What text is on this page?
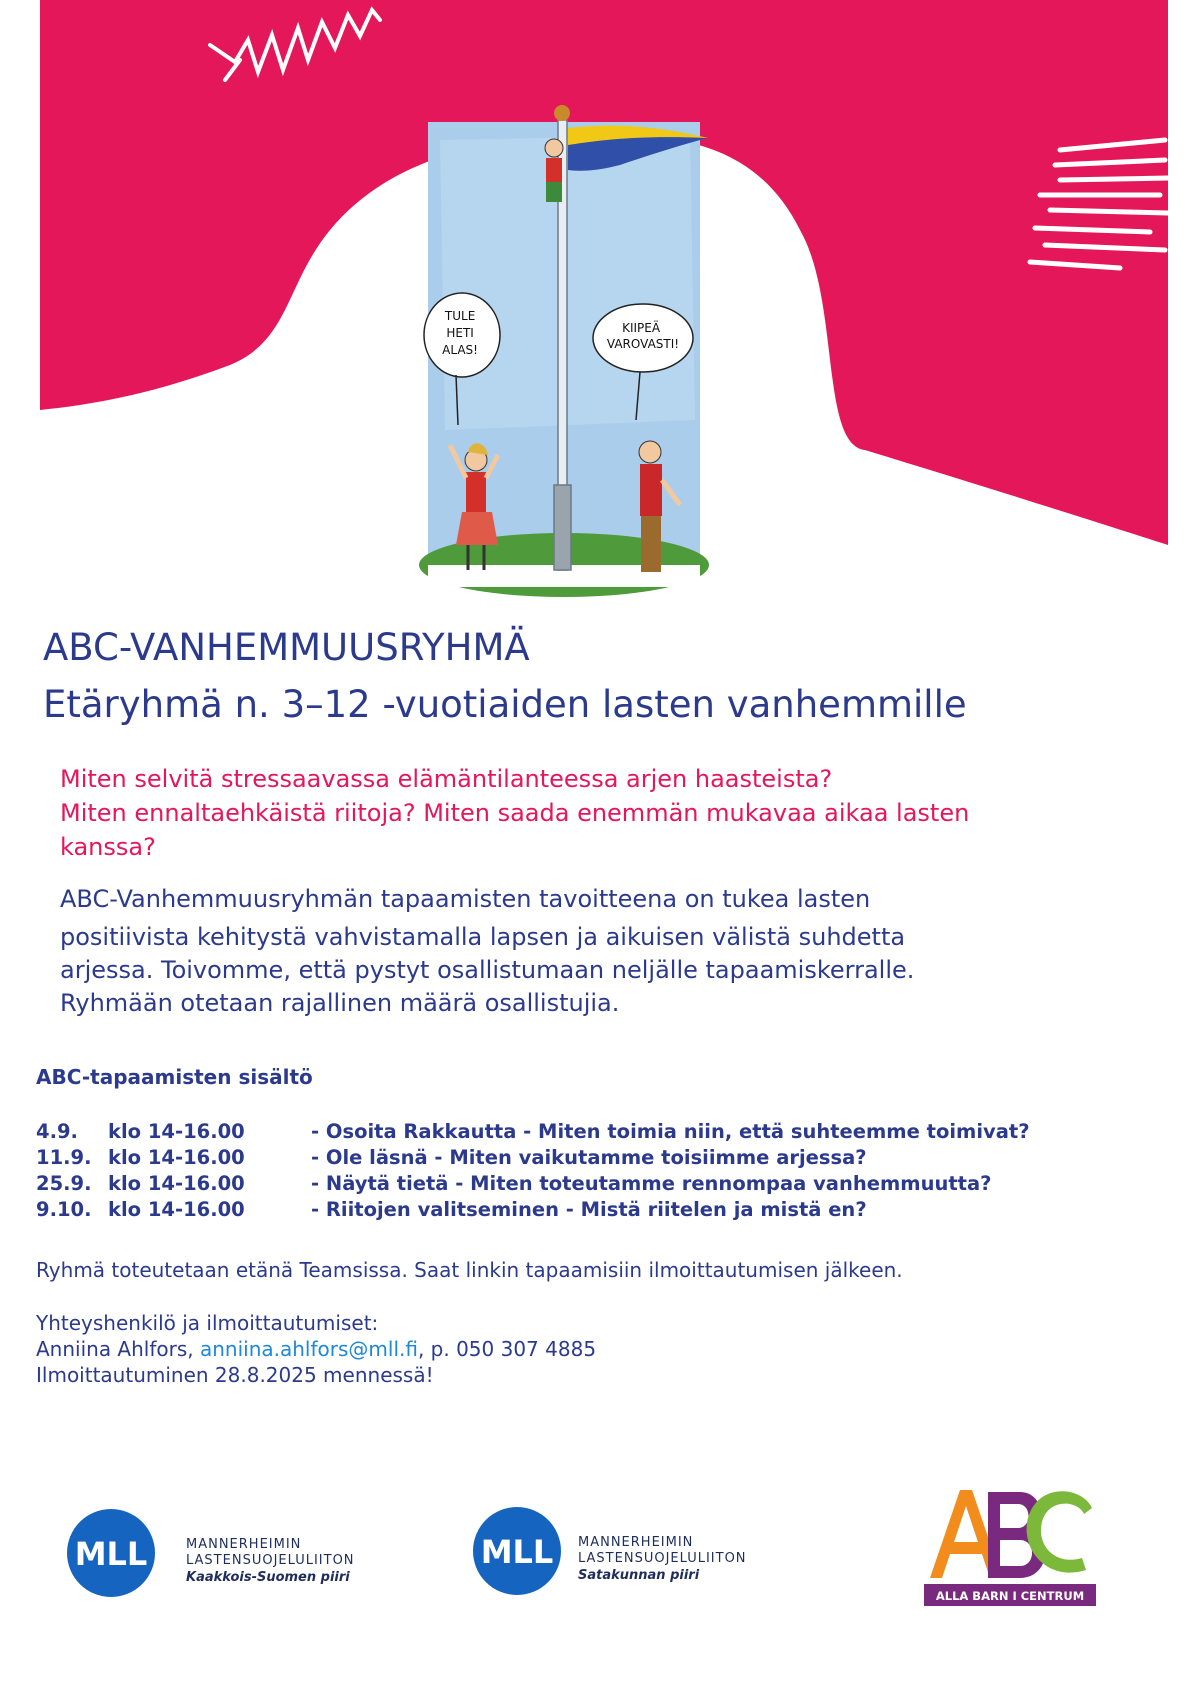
TULE HETI ALAS! KIIPEÄ VAROVASTI!
ABC-VANHEMMUUSRYHMÄ
Etäryhmä n. 3–12 -vuotiaiden lasten vanhemmille

Miten selvitä stressaavassa elämäntilanteessa arjen haasteista?

Miten ennaltaehkäistä riitoja? Miten saada enemmän mukavaa aikaa lasten

kanssa?

ABC-Vanhemmuusryhmän tapaamisten tavoitteena on tukea lasten

positiivista kehitystä vahvistamalla lapsen ja aikuisen välistä suhdetta

arjessa. Toivomme, että pystyt osallistumaan neljälle tapaamiskerralle.

Ryhmään otetaan rajallinen määrä osallistujia.

ABC-tapaamisten sisältö
4.9. klo 14-16.00	- Osoita Rakkautta - Miten toimia niin, että suhteemme toimivat?
11.9. klo 14-16.00	- Ole läsnä - Miten vaikutamme toisiimme arjessa?
25.9. klo 14-16.00	- Näytä tietä - Miten toteutamme rennompaa vanhemmuutta?
9.10. klo 14-16.00	- Riitojen valitseminen - Mistä riitelen ja mistä en?

Ryhmä toteutetaan etänä Teamsissa. Saat linkin tapaamisiin ilmoittautumisen jälkeen.

Yhteyshenkilö ja ilmoittautumiset:

Anniina Ahlfors, anniina.ahlfors@mll.fi, p. 050 307 4885

Ilmoittautuminen 28.8.2025 mennessä!

MLL	MANNERHEIMIN
LASTENSUOJELULIITON
Kaakkois-Suomen piiri
MLL MANNERHEIMIN
LASTENSUOJELULIITON
Satakunnan piiri
ALLA BARN I CENTRUM
